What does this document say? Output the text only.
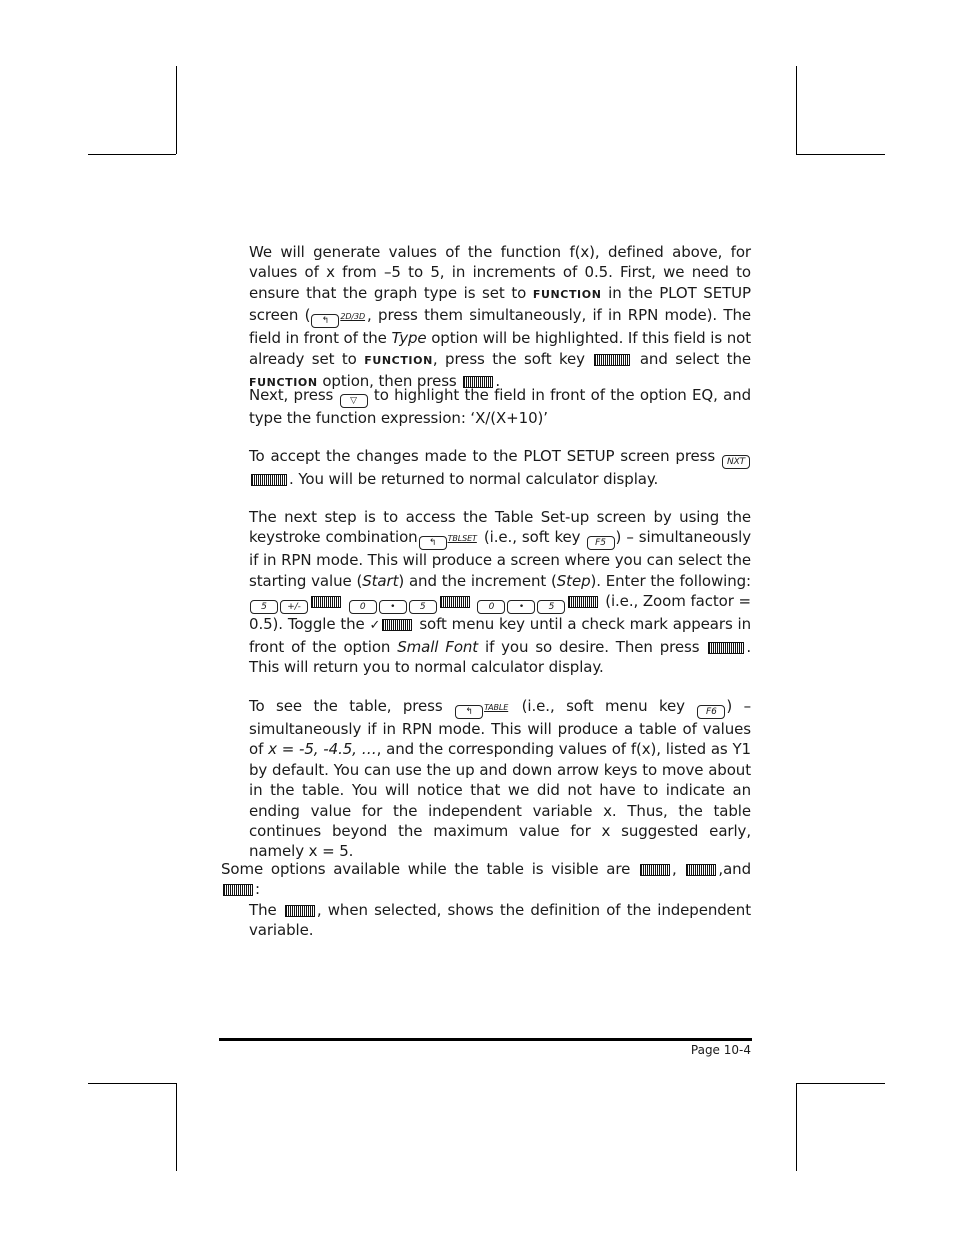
We will generate values of the function f(x), defined above, for values of x from –5 to 5, in increments of 0.5. First, we need to ensure that the graph type is set to FUNCTION in the PLOT SETUP screen ( ↰ 2D/3D , press them simultaneously, if in RPN mode). The field in front of the Type option will be highlighted. If this field is not already set to FUNCTION, press the soft key	and select the FUNCTION option, then press .
Next, press ▽ to highlight the field in front of the option EQ, and type the function expression: ‘X/(X+10)’
To accept the changes made to the PLOT SETUP screen press NXT. You will be returned to normal calculator display.
The next step is to access the Table Set-up screen by using the keystroke combination ↰ TBLSET (i.e., soft key F5 ) – simultaneously if in RPN mode. This will produce a screen where you can select the starting value (Start) and the increment (Step). Enter the following: 5 +/-	0	•	5	0	•	5	(i.e., Zoom factor = 0.5). Toggle the ✓ soft menu key until a check mark appears in front of the option Small Font if you so desire. Then press	. This will return you to normal calculator display.
To see the table, press ↰ TABLE (i.e., soft menu key F6 ) – simultaneously if in RPN mode. This will produce a table of values of x = -5, -4.5, …, and the corresponding values of f(x), listed as Y1 by default. You can use the up and down arrow keys to move about in the table. You will notice that we did not have to indicate an ending value for the independent variable x. Thus, the table continues beyond the maximum value for x suggested early, namely x = 5.
Some options available while the table is visible are , ,and :
The , when selected, shows the definition of the independent variable.
Page 10-4
